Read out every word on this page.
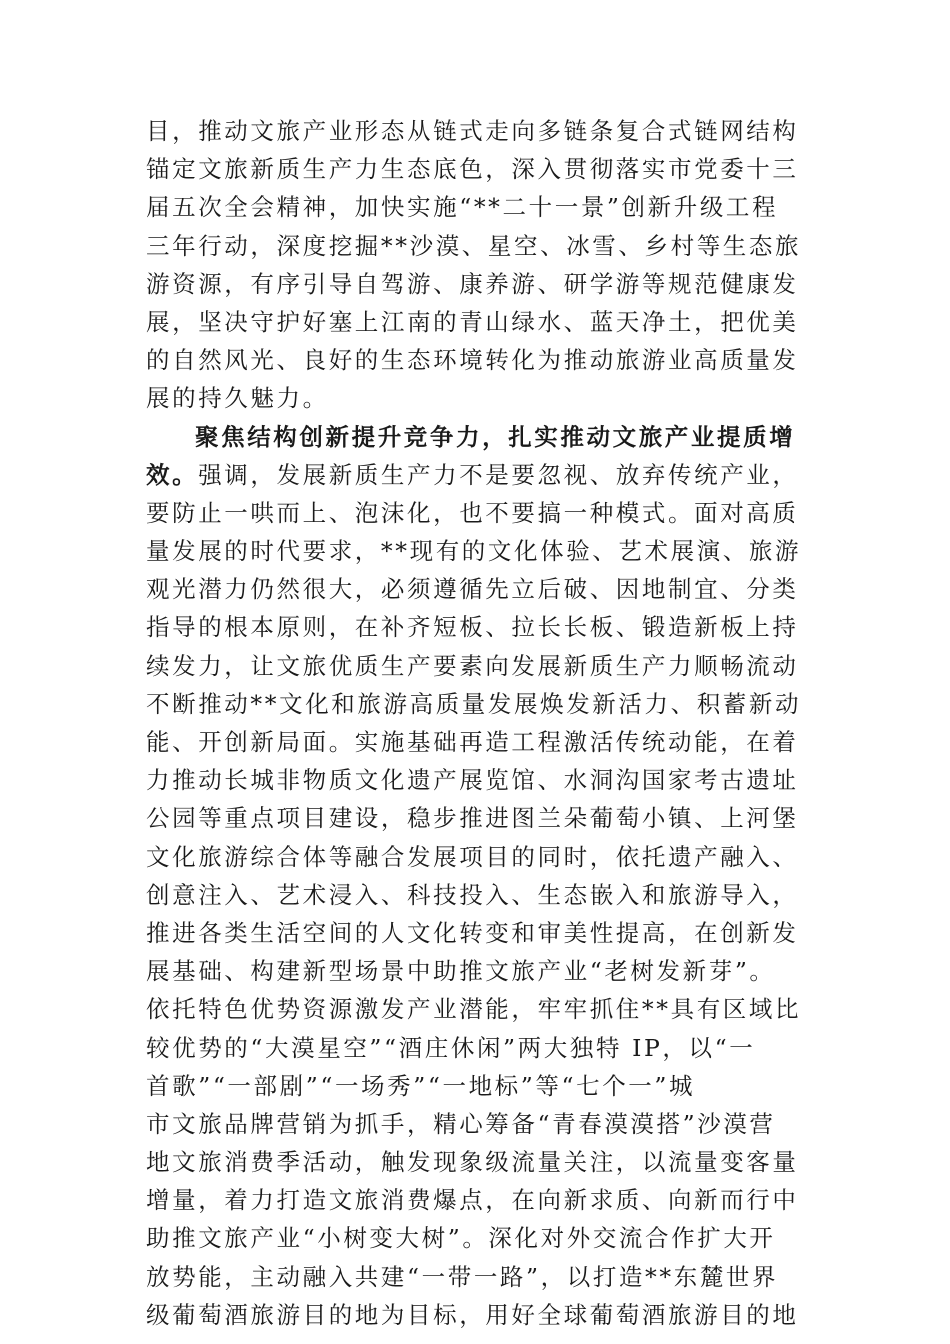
目，推动文旅产业形态从链式走向多链条复合式链网结构
锚定文旅新质生产力生态底色，深入贯彻落实市党委十三
届五次全会精神，加快实施“**二十一景”创新升级工程
三年行动，深度挖掘**沙漠、星空、冰雪、乡村等生态旅
游资源，有序引导自驾游、康养游、研学游等规范健康发
展，坚决守护好塞上江南的青山绿水、蓝天净土，把优美
的自然风光、良好的生态环境转化为推动旅游业高质量发
展的持久魅力。
聚焦结构创新提升竞争力，扎实推动文旅产业提质增
效。强调，发展新质生产力不是要忽视、放弃传统产业，
要防止一哄而上、泡沫化，也不要搞一种模式。面对高质
量发展的时代要求，**现有的文化体验、艺术展演、旅游
观光潜力仍然很大，必须遵循先立后破、因地制宜、分类
指导的根本原则，在补齐短板、拉长长板、锻造新板上持
续发力，让文旅优质生产要素向发展新质生产力顺畅流动
不断推动**文化和旅游高质量发展焕发新活力、积蓄新动
能、开创新局面。实施基础再造工程激活传统动能，在着
力推动长城非物质文化遗产展览馆、水洞沟国家考古遗址
公园等重点项目建设，稳步推进图兰朵葡萄小镇、上河堡
文化旅游综合体等融合发展项目的同时，依托遗产融入、
创意注入、艺术浸入、科技投入、生态嵌入和旅游导入，
推进各类生活空间的人文化转变和审美性提高，在创新发
展基础、构建新型场景中助推文旅产业“老树发新芽”。
依托特色优势资源激发产业潜能，牢牢抓住**具有区域比
较优势的“大漠星空”“酒庄休闲”两大独特 IP，以“一
首歌”“一部剧”“一场秀”“一地标”等“七个一”城
市文旅品牌营销为抓手，精心筹备“青春漠漠搭”沙漠营
地文旅消费季活动，触发现象级流量关注，以流量变客量
增量，着力打造文旅消费爆点，在向新求质、向新而行中
助推文旅产业“小树变大树”。深化对外交流合作扩大开
放势能，主动融入共建“一带一路”，以打造**东麓世界
级葡萄酒旅游目的地为目标，用好全球葡萄酒旅游目的地
